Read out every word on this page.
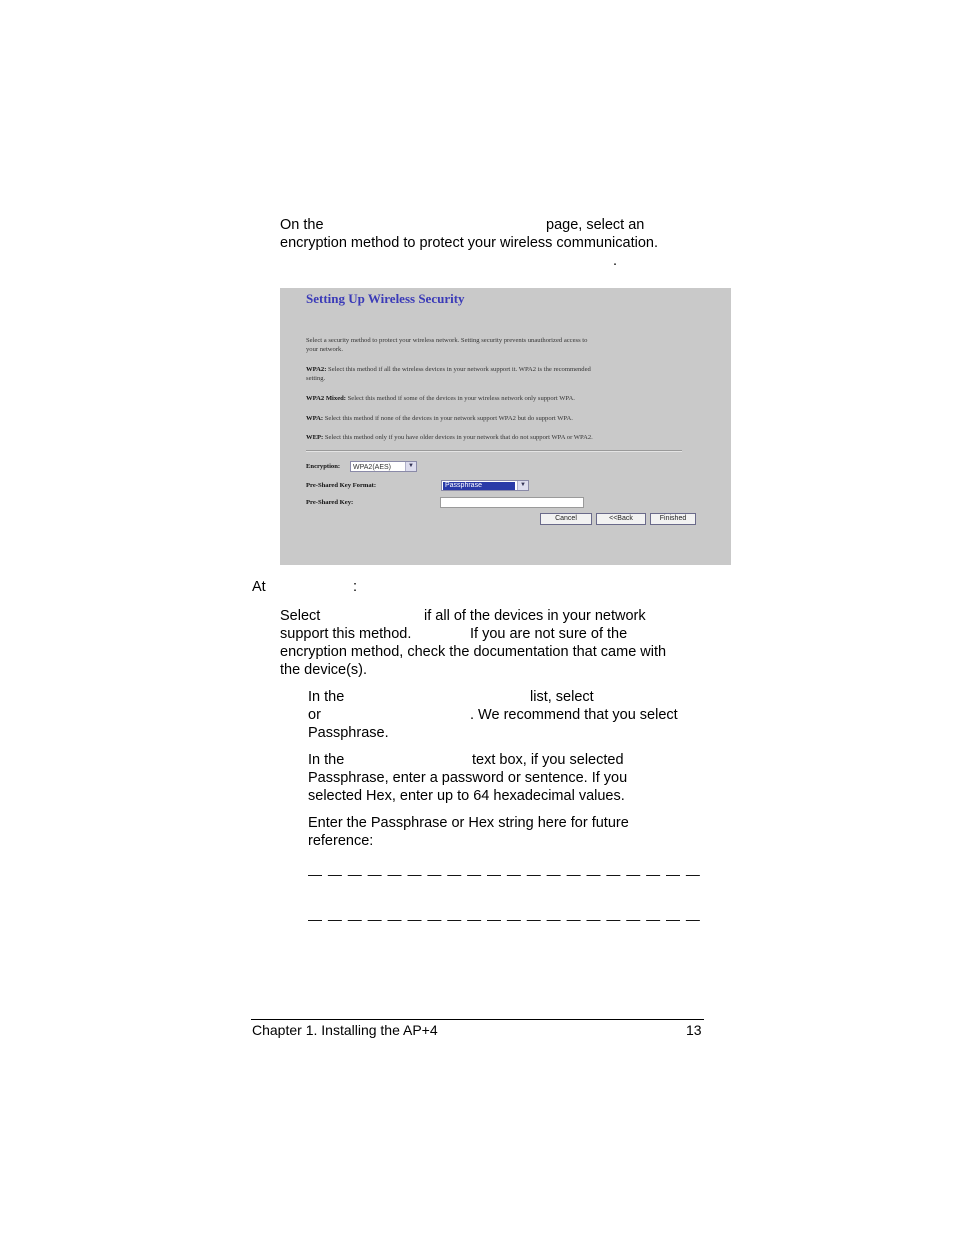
On the	page, select an
encryption method to protect your wireless communication.
.
Setting Up Wireless Security
Select a security method to protect your wireless network. Setting security prevents unauthorized access to
your network.
WPA2: Select this method if all the wireless devices in your network support it. WPA2 is the recommended
setting.
WPA2 Mixed: Select this method if some of the devices in your wireless network only support WPA.
WPA: Select this method if none of the devices in your network support WPA2 but do support WPA.
WEP: Select this method only if you have older devices in your network that do not support WPA or WPA2.
Encryption: WPA2(AES)	▼
Pre-Shared Key Format:	Passphrase	▼
Pre-Shared Key:
Cancel	<<Back	Finished
At	:
Select	if all of the devices in your network
support this method.	If you are not sure of the
encryption method, check the documentation that came with
the device(s).
In the	list, select
or	. We recommend that you select
Passphrase.
In the	text box, if you selected
Passphrase, enter a password or sentence. If you
selected Hex, enter up to 64 hexadecimal values.
Enter the Passphrase or Hex string here for future
reference:
— — — — — — — — — — — — — — — — — — — —
— — — — — — — — — — — — — — — — — — — —
Chapter 1. Installing the AP+4	13
